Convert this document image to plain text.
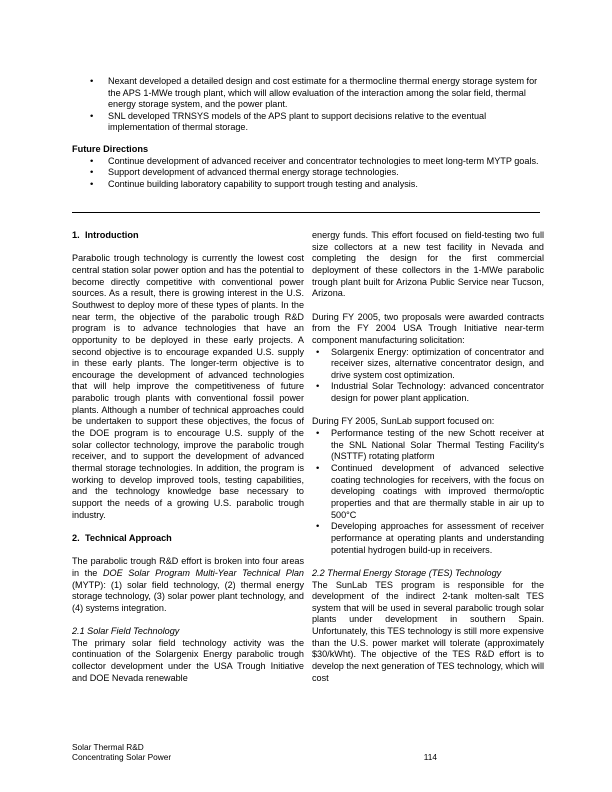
• Nexant developed a detailed design and cost estimate for a thermocline thermal energy storage system for the APS 1-MWe trough plant, which will allow evaluation of the interaction among the solar field, thermal energy storage system, and the power plant.
• SNL developed TRNSYS models of the APS plant to support decisions relative to the eventual implementation of thermal storage.

Future Directions

• Continue development of advanced receiver and concentrator technologies to meet long-term MYTP goals.
• Support development of advanced thermal energy storage technologies.
• Continue building laboratory capability to support trough testing and analysis.

1. Introduction

Parabolic trough technology is currently the lowest cost central station solar power option and has the potential to become directly competitive with conventional power sources. As a result, there is growing interest in the U.S. Southwest to deploy more of these types of plants. In the near term, the objective of the parabolic trough R&D program is to advance technologies that have an opportunity to be deployed in these early projects. A second objective is to encourage expanded U.S. supply in these early plants. The longer-term objective is to encourage the development of advanced technologies that will help improve the competitiveness of future parabolic trough plants with conventional fossil power plants. Although a number of technical approaches could be undertaken to support these objectives, the focus of the DOE program is to encourage U.S. supply of the solar collector technology, improve the parabolic trough receiver, and to support the development of advanced thermal storage technologies. In addition, the program is working to develop improved tools, testing capabilities, and the technology knowledge base necessary to support the needs of a growing U.S. parabolic trough industry.

2. Technical Approach

The parabolic trough R&D effort is broken into four areas in the DOE Solar Program Multi-Year Technical Plan (MYTP): (1) solar field technology, (2) thermal energy storage technology, (3) solar power plant technology, and (4) systems integration.

2.1 Solar Field Technology

The primary solar field technology activity was the continuation of the Solargenix Energy parabolic trough collector development under the USA Trough Initiative and DOE Nevada renewable

energy funds. This effort focused on field-testing two full size collectors at a new test facility in Nevada and completing the design for the first commercial deployment of these collectors in the 1-MWe parabolic trough plant built for Arizona Public Service near Tucson, Arizona.

During FY 2005, two proposals were awarded contracts from the FY 2004 USA Trough Initiative near-term component manufacturing solicitation:

• Solargenix Energy: optimization of concentrator and receiver sizes, alternative concentrator design, and drive system cost optimization.
• Industrial Solar Technology: advanced concentrator design for power plant application.

During FY 2005, SunLab support focused on:

• Performance testing of the new Schott receiver at the SNL National Solar Thermal Testing Facility's (NSTTF) rotating platform
• Continued development of advanced selective coating technologies for receivers, with the focus on developing coatings with improved thermo/optic properties and that are thermally stable in air up to 500°C
• Developing approaches for assessment of receiver performance at operating plants and understanding potential hydrogen build-up in receivers.

2.2 Thermal Energy Storage (TES) Technology

The SunLab TES program is responsible for the development of the indirect 2-tank molten-salt TES system that will be used in several parabolic trough solar plants under development in southern Spain. Unfortunately, this TES technology is still more expensive than the U.S. power market will tolerate (approximately $30/kWht). The objective of the TES R&D effort is to develop the next generation of TES technology, which will cost

Solar Thermal R&D
Concentrating Solar Power	114
